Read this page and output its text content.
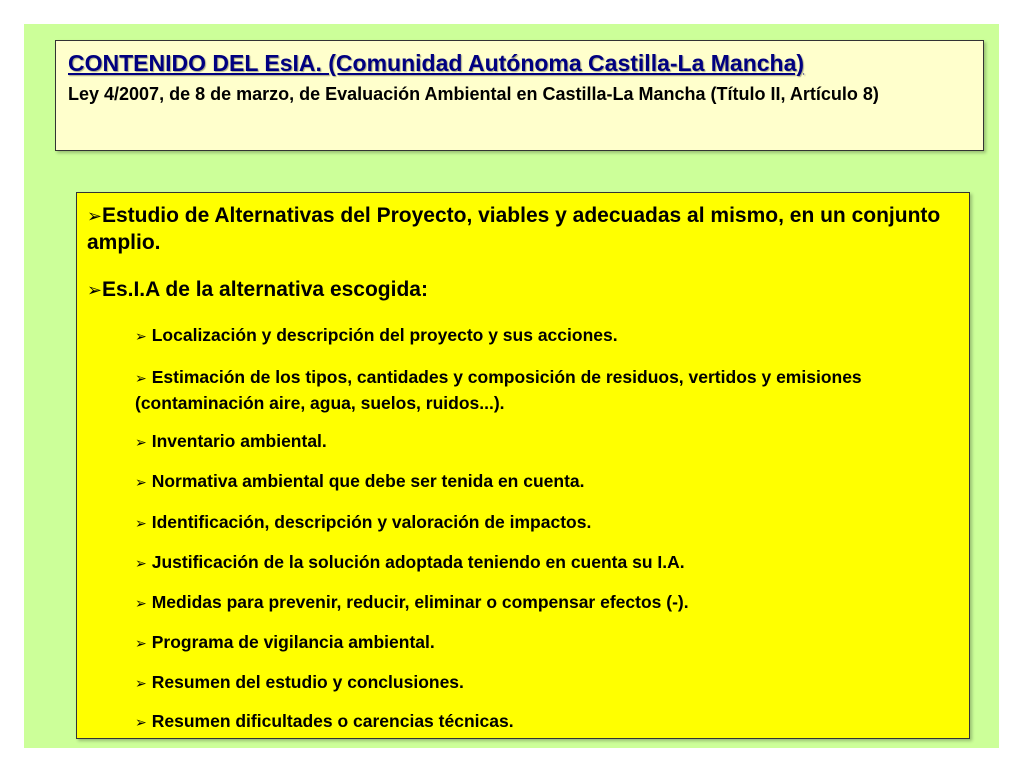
CONTENIDO DEL EsIA. (Comunidad Autónoma Castilla-La Mancha)
Ley 4/2007, de 8 de marzo, de Evaluación Ambiental en Castilla-La Mancha (Título II, Artículo 8)
➢Estudio de Alternativas del Proyecto, viables y adecuadas al mismo, en un conjunto amplio.
➢Es.I.A de la alternativa escogida:
➢ Localización y descripción del proyecto y sus acciones.
➢ Estimación de los tipos, cantidades y composición de residuos, vertidos y emisiones (contaminación aire, agua, suelos, ruidos...).
➢ Inventario ambiental.
➢ Normativa ambiental que debe ser tenida en cuenta.
➢ Identificación, descripción y valoración de impactos.
➢ Justificación de la solución adoptada teniendo en cuenta su I.A.
➢ Medidas para prevenir, reducir, eliminar o compensar efectos (-).
➢ Programa de vigilancia ambiental.
➢ Resumen del estudio y conclusiones.
➢ Resumen dificultades o carencias técnicas.
